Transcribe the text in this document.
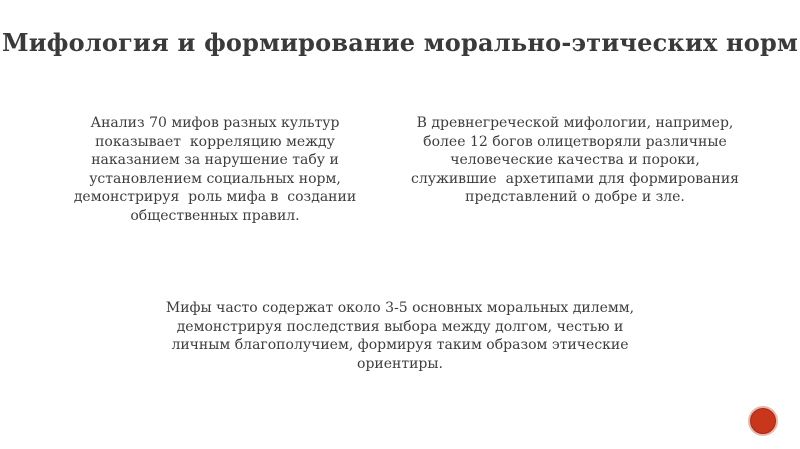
Мифология и формирование морально-этических норм
Анализ 70 мифов разных культур
показывает  корреляцию между
наказанием за нарушение табу и
установлением социальных норм,
демонстрируя  роль мифа в  создании
общественных правил.
В древнегреческой мифологии, например,
более 12 богов олицетворяли различные
человеческие качества и пороки,
служившие  архетипами для формирования
представлений о добре и зле.
Мифы часто содержат около 3-5 основных моральных дилемм,
демонстрируя последствия выбора между долгом, честью и
личным благополучием, формируя таким образом этические
ориентиры.
